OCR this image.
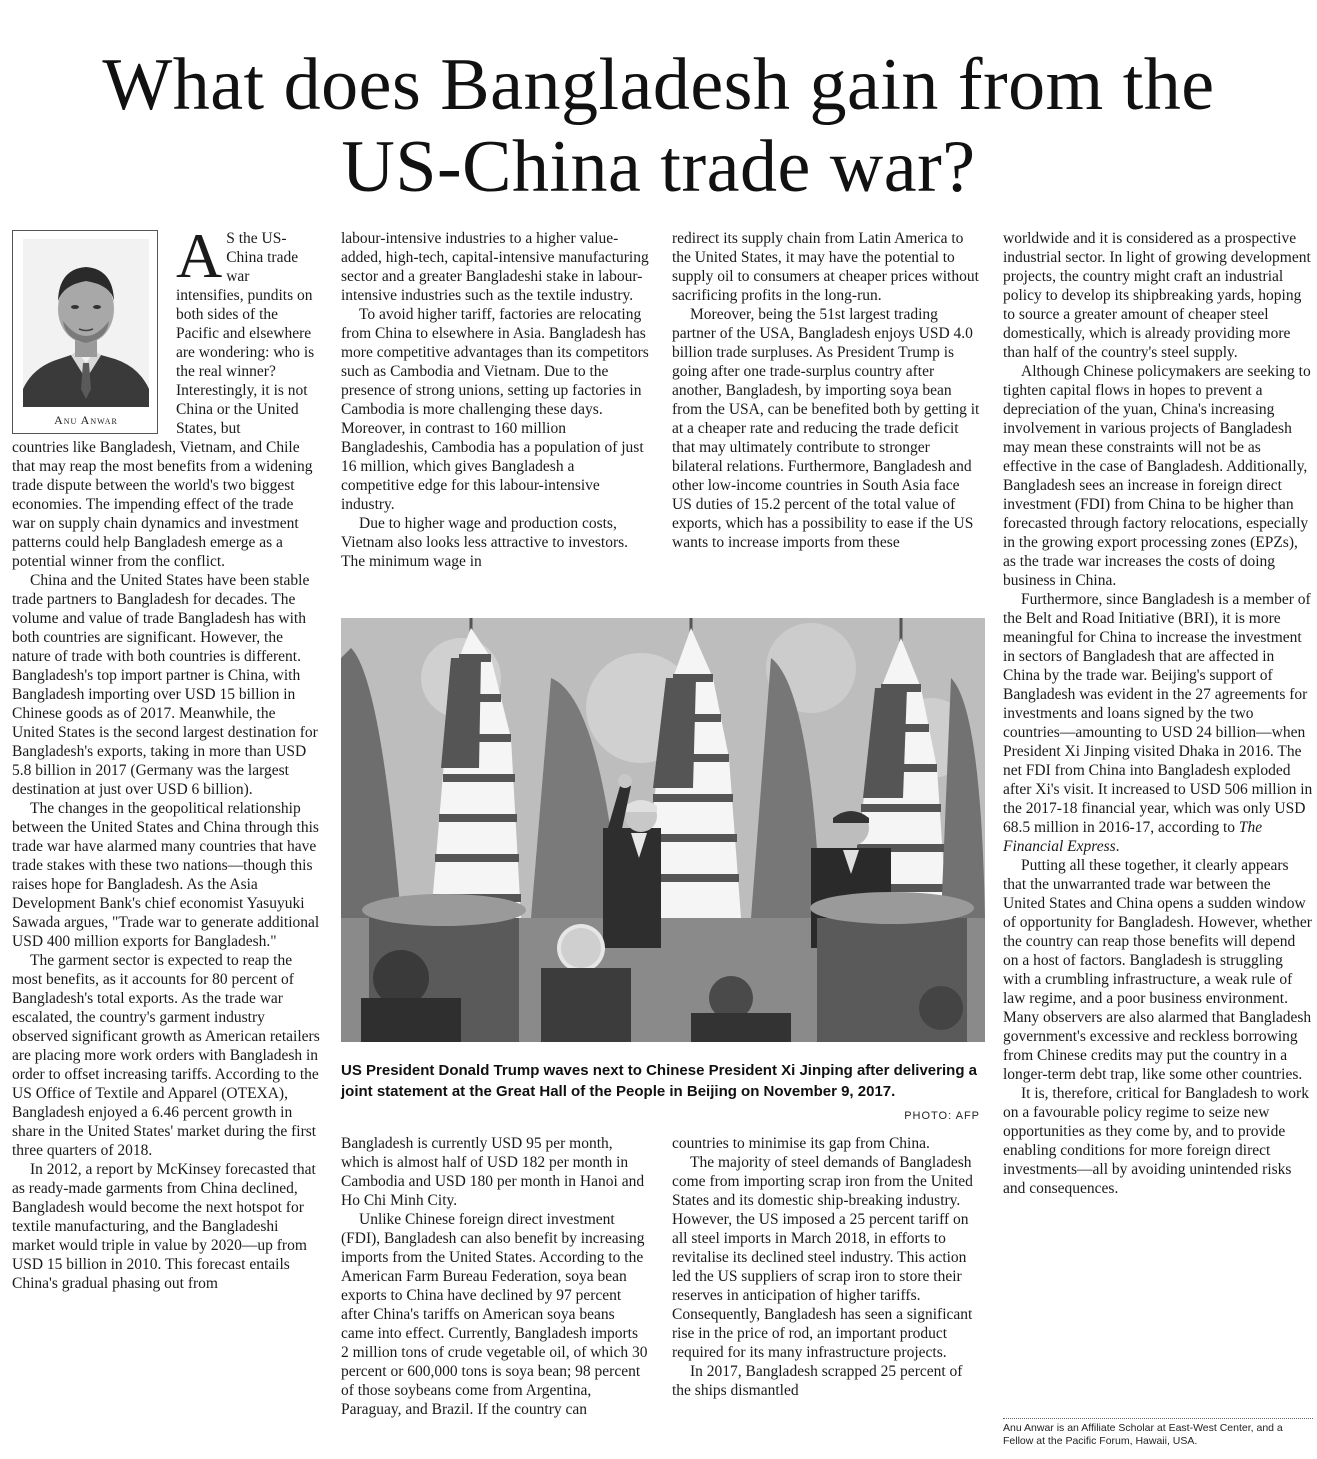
What does Bangladesh gain from the
US-China trade war?
Anu Anwar

A S the US-China trade war intensifies, pundits on both sides of the Pacific and elsewhere are wondering: who is the real winner? Interestingly, it is not China or the United States, but

countries like Bangladesh, Vietnam, and Chile that may reap the most benefits from a widening trade dispute between the world's two biggest economies. The impending effect of the trade war on supply chain dynamics and investment patterns could help Bangladesh emerge as a potential winner from the conflict.

China and the United States have been stable trade partners to Bangladesh for decades. The volume and value of trade Bangladesh has with both countries are significant. However, the nature of trade with both countries is different. Bangladesh's top import partner is China, with Bangladesh importing over USD 15 billion in Chinese goods as of 2017. Meanwhile, the United States is the second largest destination for Bangladesh's exports, taking in more than USD 5.8 billion in 2017 (Germany was the largest destination at just over USD 6 billion).

The changes in the geopolitical relationship between the United States and China through this trade war have alarmed many countries that have trade stakes with these two nations—though this raises hope for Bangladesh. As the Asia Development Bank's chief economist Yasuyuki Sawada argues, "Trade war to generate additional USD 400 million exports for Bangladesh."

The garment sector is expected to reap the most benefits, as it accounts for 80 percent of Bangladesh's total exports. As the trade war escalated, the country's garment industry observed significant growth as American retailers are placing more work orders with Bangladesh in order to offset increasing tariffs. According to the US Office of Textile and Apparel (OTEXA), Bangladesh enjoyed a 6.46 percent growth in share in the United States' market during the first three quarters of 2018.

In 2012, a report by McKinsey forecasted that as ready-made garments from China declined, Bangladesh would become the next hotspot for textile manufacturing, and the Bangladeshi market would triple in value by 2020—up from USD 15 billion in 2010. This forecast entails China's gradual phasing out from

labour-intensive industries to a higher value-added, high-tech, capital-intensive manufacturing sector and a greater Bangladeshi stake in labour-intensive industries such as the textile industry.

To avoid higher tariff, factories are relocating from China to elsewhere in Asia. Bangladesh has more competitive advantages than its competitors such as Cambodia and Vietnam. Due to the presence of strong unions, setting up factories in Cambodia is more challenging these days. Moreover, in contrast to 160 million Bangladeshis, Cambodia has a population of just 16 million, which gives Bangladesh a competitive edge for this labour-intensive industry.

Due to higher wage and production costs, Vietnam also looks less attractive to investors. The minimum wage in

redirect its supply chain from Latin America to the United States, it may have the potential to supply oil to consumers at cheaper prices without sacrificing profits in the long-run.

Moreover, being the 51st largest trading partner of the USA, Bangladesh enjoys USD 4.0 billion trade surpluses. As President Trump is going after one trade-surplus country after another, Bangladesh, by importing soya bean from the USA, can be benefited both by getting it at a cheaper rate and reducing the trade deficit that may ultimately contribute to stronger bilateral relations. Furthermore, Bangladesh and other low-income countries in South Asia face US duties of 15.2 percent of the total value of exports, which has a possibility to ease if the US wants to increase imports from these

US President Donald Trump waves next to Chinese President Xi Jinping after delivering a joint statement at the Great Hall of the People in Beijing on November 9, 2017.

PHOTO: AFP

Bangladesh is currently USD 95 per month, which is almost half of USD 182 per month in Cambodia and USD 180 per month in Hanoi and Ho Chi Minh City.

Unlike Chinese foreign direct investment (FDI), Bangladesh can also benefit by increasing imports from the United States. According to the American Farm Bureau Federation, soya bean exports to China have declined by 97 percent after China's tariffs on American soya beans came into effect. Currently, Bangladesh imports 2 million tons of crude vegetable oil, of which 30 percent or 600,000 tons is soya bean; 98 percent of those soybeans come from Argentina, Paraguay, and Brazil. If the country can

countries to minimise its gap from China.

The majority of steel demands of Bangladesh come from importing scrap iron from the United States and its domestic ship-breaking industry. However, the US imposed a 25 percent tariff on all steel imports in March 2018, in efforts to revitalise its declined steel industry. This action led the US suppliers of scrap iron to store their reserves in anticipation of higher tariffs. Consequently, Bangladesh has seen a significant rise in the price of rod, an important product required for its many infrastructure projects.

In 2017, Bangladesh scrapped 25 percent of the ships dismantled

worldwide and it is considered as a prospective industrial sector. In light of growing development projects, the country might craft an industrial policy to develop its shipbreaking yards, hoping to source a greater amount of cheaper steel domestically, which is already providing more than half of the country's steel supply.

Although Chinese policymakers are seeking to tighten capital flows in hopes to prevent a depreciation of the yuan, China's increasing involvement in various projects of Bangladesh may mean these constraints will not be as effective in the case of Bangladesh. Additionally, Bangladesh sees an increase in foreign direct investment (FDI) from China to be higher than forecasted through factory relocations, especially in the growing export processing zones (EPZs), as the trade war increases the costs of doing business in China.

Furthermore, since Bangladesh is a member of the Belt and Road Initiative (BRI), it is more meaningful for China to increase the investment in sectors of Bangladesh that are affected in China by the trade war. Beijing's support of Bangladesh was evident in the 27 agreements for investments and loans signed by the two countries—amounting to USD 24 billion—when President Xi Jinping visited Dhaka in 2016. The net FDI from China into Bangladesh exploded after Xi's visit. It increased to USD 506 million in the 2017-18 financial year, which was only USD 68.5 million in 2016-17, according to The Financial Express.

Putting all these together, it clearly appears that the unwarranted trade war between the United States and China opens a sudden window of opportunity for Bangladesh. However, whether the country can reap those benefits will depend on a host of factors. Bangladesh is struggling with a crumbling infrastructure, a weak rule of law regime, and a poor business environment. Many observers are also alarmed that Bangladesh government's excessive and reckless borrowing from Chinese credits may put the country in a longer-term debt trap, like some other countries.

It is, therefore, critical for Bangladesh to work on a favourable policy regime to seize new opportunities as they come by, and to provide enabling conditions for more foreign direct investments—all by avoiding unintended risks and consequences.

Anu Anwar is an Affiliate Scholar at East-West Center, and a Fellow at the Pacific Forum, Hawaii, USA.
